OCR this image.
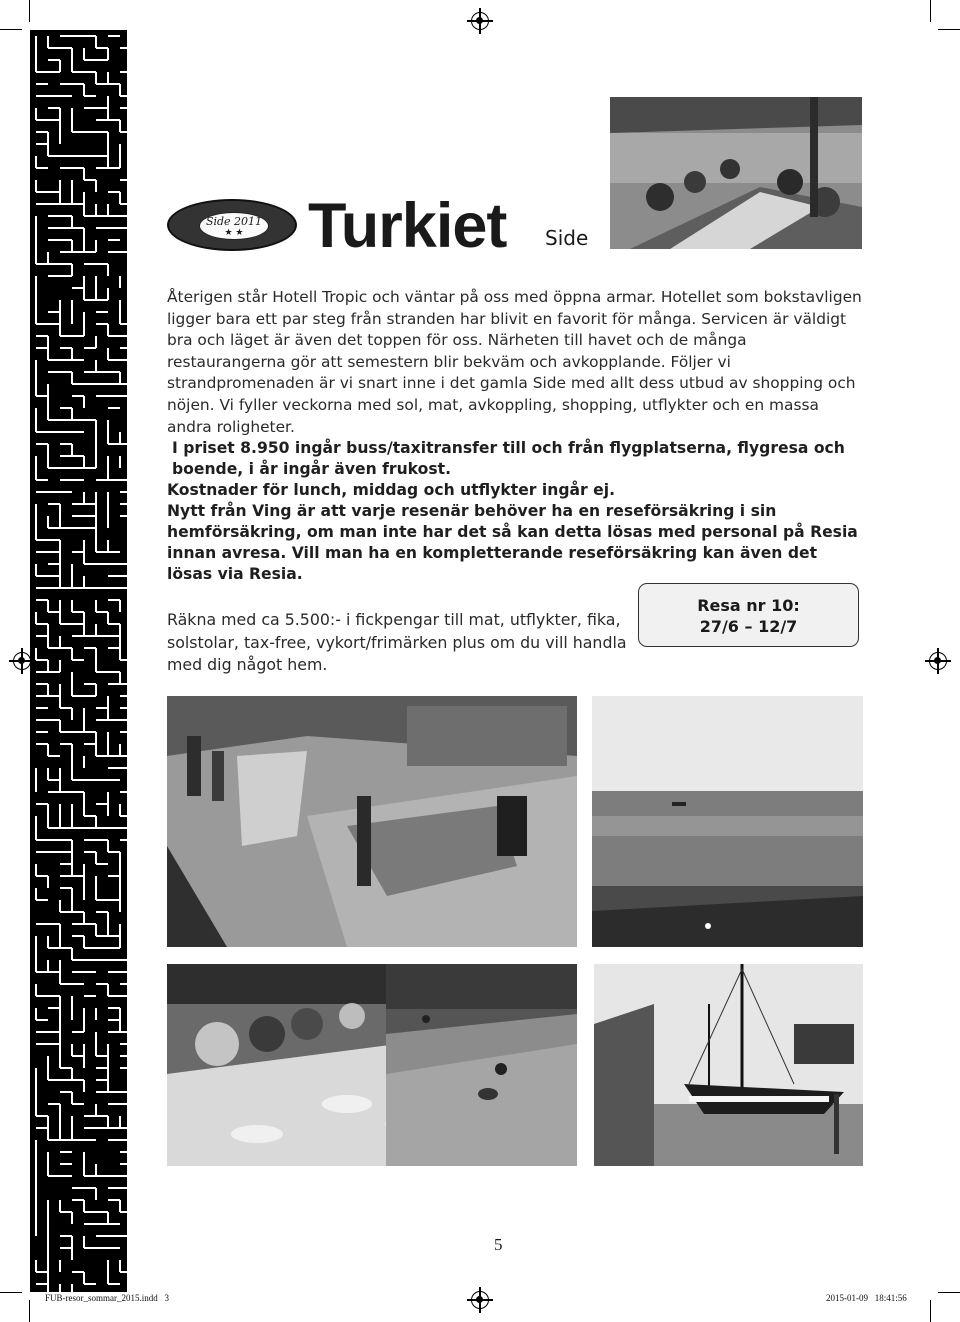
Side 2011
★ ★	Turkiet Side
Återigen står Hotell Tropic och väntar på oss med öppna armar. Hotellet som bokstavligen ligger bara ett par steg från stranden har blivit en favorit för många. Servicen är väldigt bra och läget är även det toppen för oss. Närheten till havet och de många restaurangerna gör att semestern blir bekväm och avkopplande. Följer vi strandpromenaden är vi snart inne i det gamla Side med allt dess utbud av shopping och nöjen. Vi fyller veckorna med sol, mat, avkoppling, shopping, utflykter och en massa andra roligheter.

I priset 8.950 ingår buss/taxitransfer till och från flygplatserna, flygresa och boende, i år ingår även frukost.

Kostnader för lunch, middag och utflykter ingår ej.

Nytt från Ving är att varje resenär behöver ha en reseförsäkring i sin hemförsäkring, om man inte har det så kan detta lösas med personal på Resia innan avresa. Vill man ha en kompletterande reseförsäkring kan även det lösas via Resia.

Räkna med ca 5.500:- i fickpengar till mat, utflykter, fika, solstolar, tax-free, vykort/frimärken plus om du vill handla med dig något hem.
Resa nr 10:
27/6 – 12/7
5
FUB-resor_sommar_2015.indd   3	2015-01-09   18:41:56
